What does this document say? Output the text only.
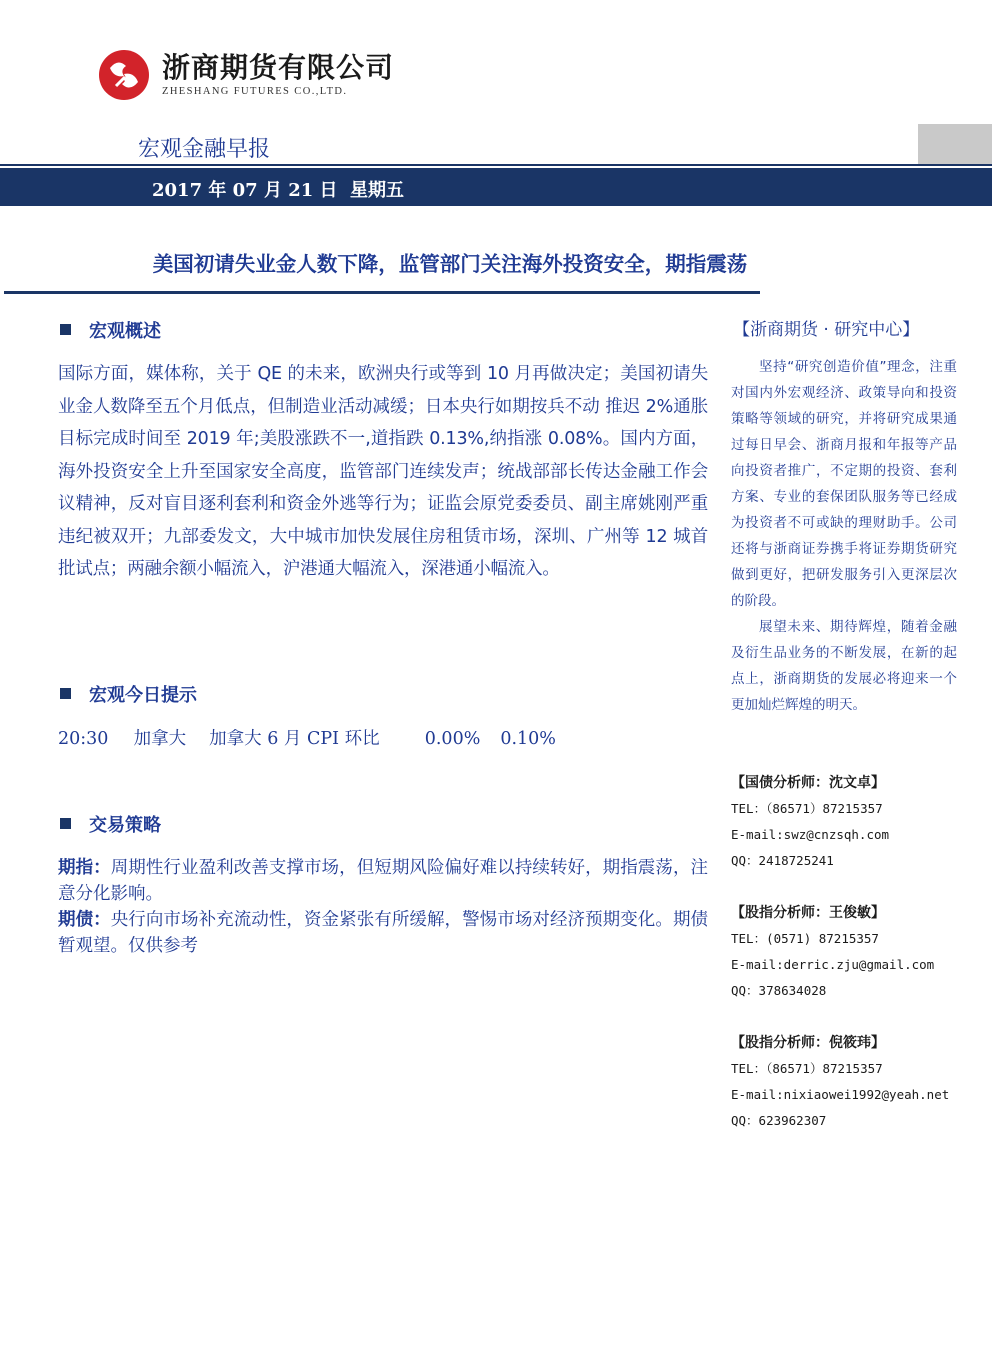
浙商期货有限公司
ZHESHANG FUTURES CO.,LTD.
宏观金融早报
2017 年 07 月 21 日  星期五
美国初请失业金人数下降，监管部门关注海外投资安全，期指震荡
宏观概述
国际方面，媒体称，关于 QE 的未来，欧洲央行或等到 10 月再做决定；美国初请失业金人数降至五个月低点，但制造业活动减缓；日本央行如期按兵不动 推迟 2%通胀目标完成时间至 2019 年;美股涨跌不一,道指跌 0.13%,纳指涨 0.08%。国内方面，海外投资安全上升至国家安全高度，监管部门连续发声；统战部部长传达金融工作会议精神，反对盲目逐利套利和资金外逃等行为；证监会原党委委员、副主席姚刚严重违纪被双开；九部委发文，大中城市加快发展住房租赁市场，深圳、广州等 12 城首批试点；两融余额小幅流入，沪港通大幅流入，深港通小幅流入。
宏观今日提示
20:30 加拿大 加拿大 6 月 CPI 环比	0.00% 0.10%
交易策略
期指：周期性行业盈利改善支撑市场，但短期风险偏好难以持续转好，期指震荡，注意分化影响。
期债：央行向市场补充流动性，资金紧张有所缓解，警惕市场对经济预期变化。期债暂观望。仅供参考
【浙商期货 · 研究中心】
坚持“研究创造价值”理念，注重对国内外宏观经济、政策导向和投资策略等领域的研究，并将研究成果通过每日早会、浙商月报和年报等产品向投资者推广，不定期的投资、套利方案、专业的套保团队服务等已经成为投资者不可或缺的理财助手。公司还将与浙商证券携手将证券期货研究做到更好，把研发服务引入更深层次的阶段。
展望未来、期待辉煌，随着金融及衍生品业务的不断发展，在新的起点上，浙商期货的发展必将迎来一个更加灿烂辉煌的明天。
【国债分析师：沈文卓】
TEL：（86571）87215357
E-mail:swz@cnzsqh.com
QQ：2418725241
【股指分析师：王俊敏】
TEL：(0571) 87215357
E-mail:derric.zju@gmail.com
QQ：378634028
【股指分析师：倪筱玮】
TEL：（86571）87215357
E-mail:nixiaowei1992@yeah.net
QQ：623962307
